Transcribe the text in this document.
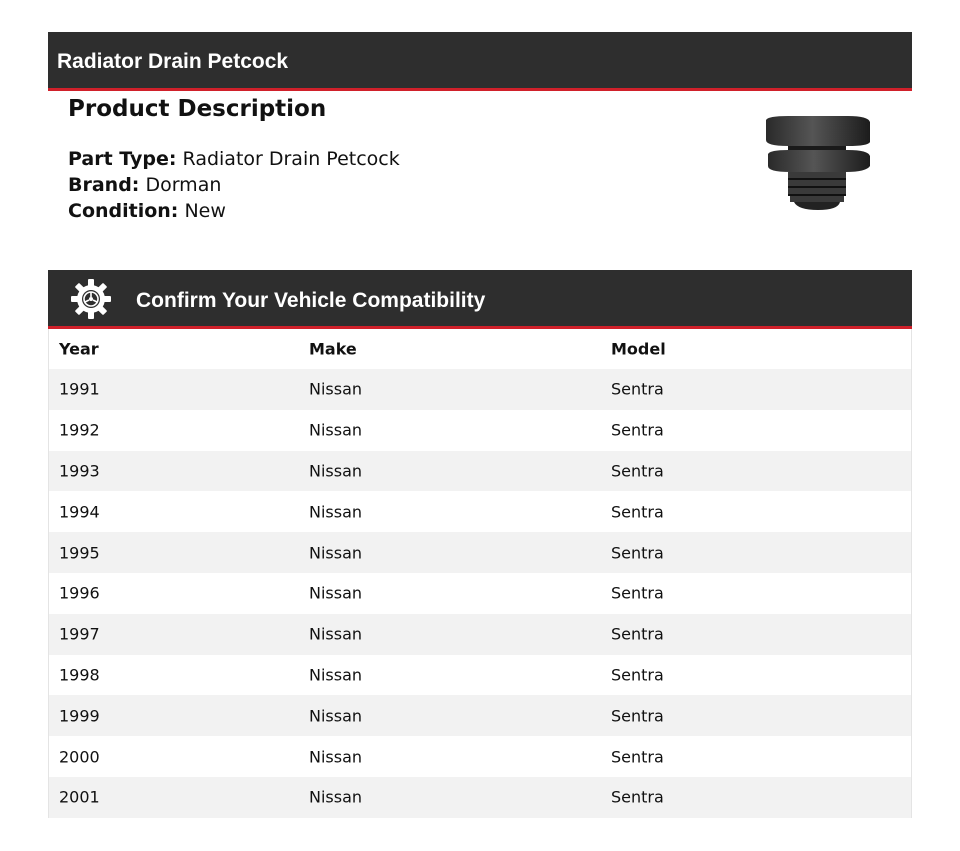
Radiator Drain Petcock
Product Description

Part Type: Radiator Drain Petcock

Brand: Dorman

Condition: New

Confirm Your Vehicle Compatibility
Year	Make	Model
1991	Nissan	Sentra
1992	Nissan	Sentra
1993	Nissan	Sentra
1994	Nissan	Sentra
1995	Nissan	Sentra
1996	Nissan	Sentra
1997	Nissan	Sentra
1998	Nissan	Sentra
1999	Nissan	Sentra
2000	Nissan	Sentra
2001	Nissan	Sentra
